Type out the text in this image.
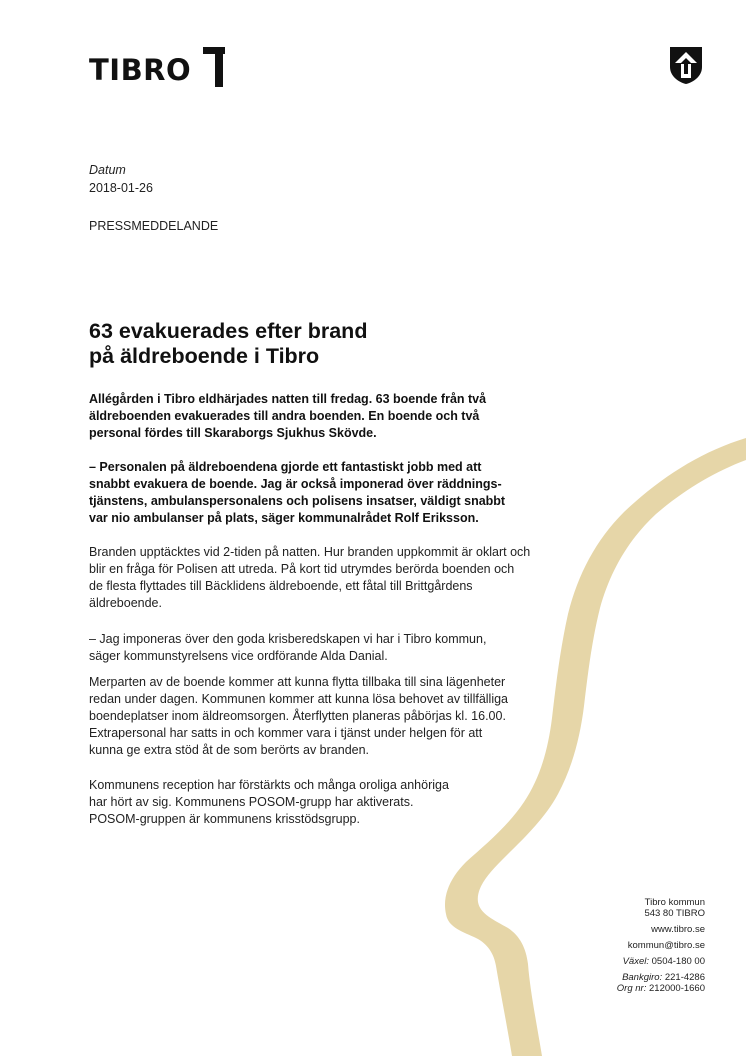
TIBRO
Datum
2018-01-26
PRESSMEDDELANDE
63 evakuerades efter brand
på äldreboende i Tibro
Allégården i Tibro eldhärjades natten till fredag. 63 boende från två
äldreboenden evakuerades till andra boenden. En boende och två
personal fördes till Skaraborgs Sjukhus Skövde.
– Personalen på äldreboendena gjorde ett fantastiskt jobb med att
snabbt evakuera de boende. Jag är också imponerad över räddnings-
tjänstens, ambulanspersonalens och polisens insatser, väldigt snabbt
var nio ambulanser på plats, säger kommunalrådet Rolf Eriksson.
Branden upptäcktes vid 2-tiden på natten. Hur branden uppkommit är oklart och
blir en fråga för Polisen att utreda. På kort tid utrymdes berörda boenden och
de flesta flyttades till Bäcklidens äldreboende, ett fåtal till Brittgårdens
äldreboende.
– Jag imponeras över den goda krisberedskapen vi har i Tibro kommun,
säger kommunstyrelsens vice ordförande Alda Danial.
Merparten av de boende kommer att kunna flytta tillbaka till sina lägenheter
redan under dagen. Kommunen kommer att kunna lösa behovet av tillfälliga
boendeplatser inom äldreomsorgen. Återflytten planeras påbörjas kl. 16.00.
Extrapersonal har satts in och kommer vara i tjänst under helgen för att
kunna ge extra stöd åt de som berörts av branden.
Kommunens reception har förstärkts och många oroliga anhöriga
har hört av sig. Kommunens POSOM-grupp har aktiverats.
POSOM-gruppen är kommunens krisstödsgrupp.
Tibro kommun
543 80 TIBRO
www.tibro.se
kommun@tibro.se
Växel: 0504-180 00
Bankgiro: 221-4286
Org nr: 212000-1660
